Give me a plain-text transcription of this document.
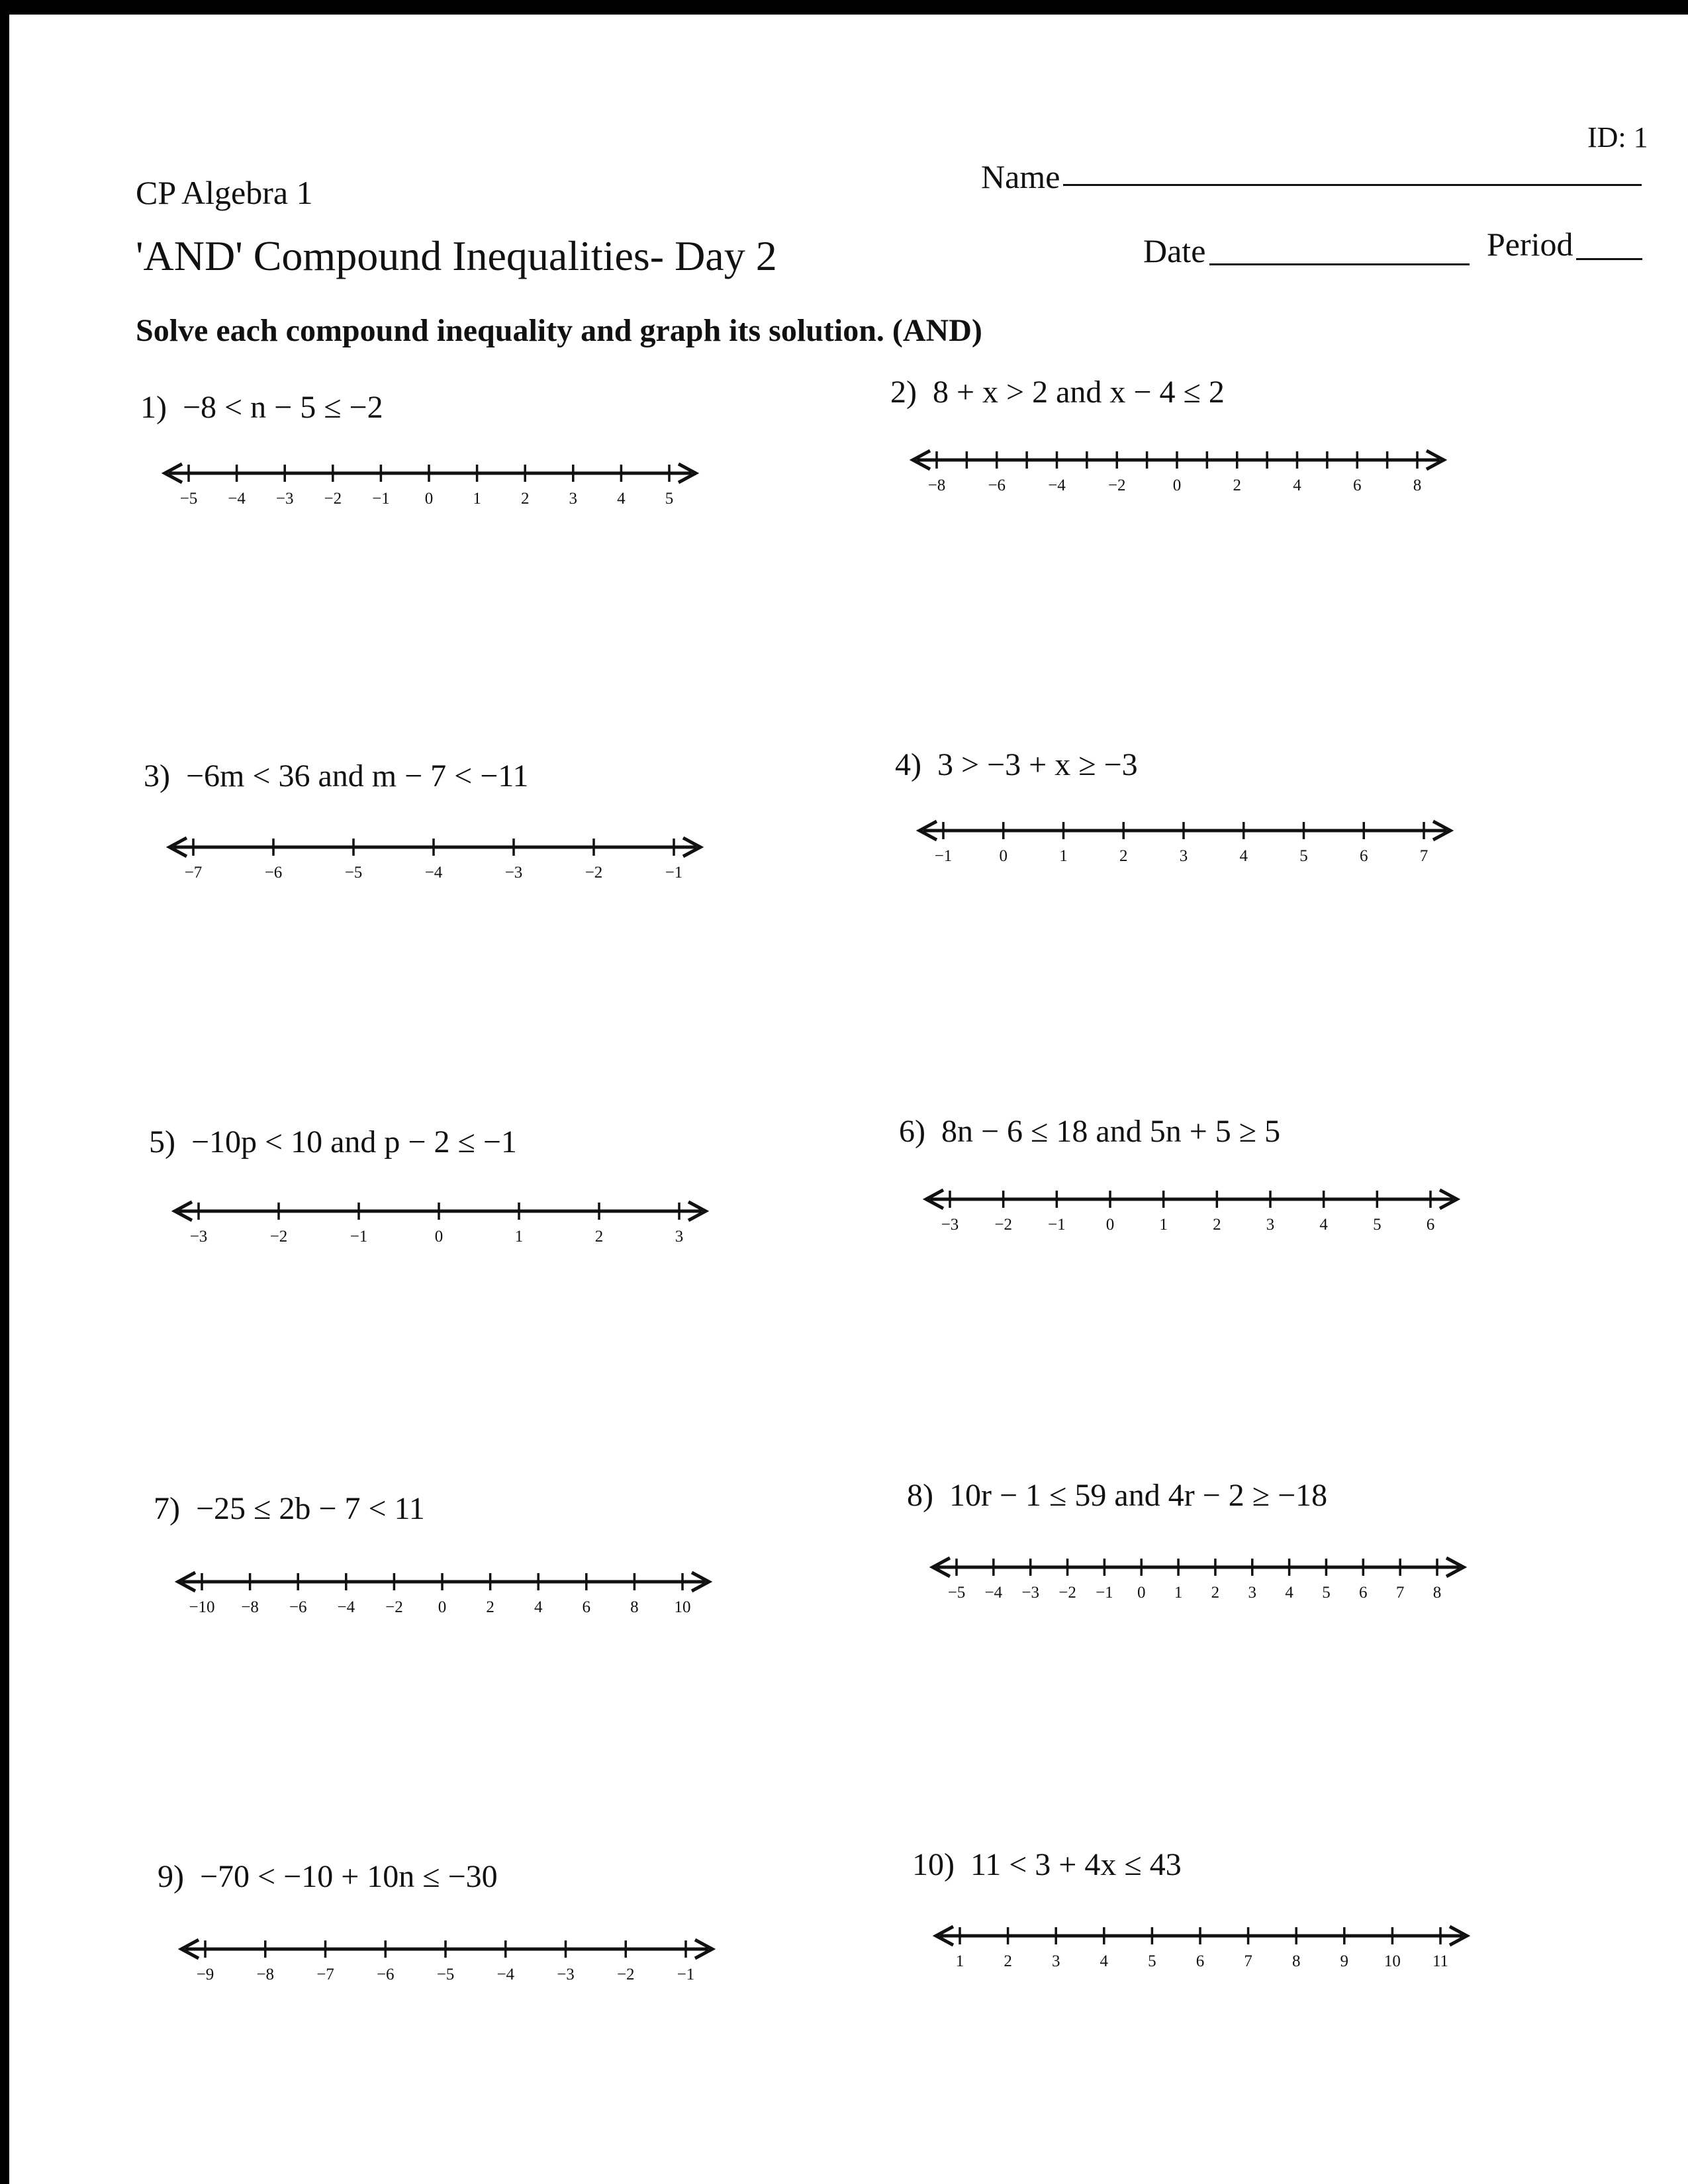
ID: 1
CP Algebra 1	Name
'AND' Compound Inequalities- Day 2	Date	Period
Solve each compound inequality and graph its solution. (AND)
1) −8 < n − 5 ≤ −2	2) 8 + x > 2 and x − 4 ≤ 2
3) −6m < 36 and m − 7 < −11	4) 3 > −3 + x ≥ −3
5) −10p < 10 and p − 2 ≤ −1	6) 8n − 6 ≤ 18 and 5n + 5 ≥ 5
7) −25 ≤ 2b − 7 < 11	8) 10r − 1 ≤ 59 and 4r − 2 ≥ −18
9) −70 < −10 + 10n ≤ −30	10) 11 < 3 + 4x ≤ 43
−5 −4 −3 −2 −1 0 1 2 3 4 5
−8	−6	−4	−2	0	2	4	6	8
−7	−6	−5	−4	−3	−2	−1
−1	0	1	2	3	4	5	6	7
−3	−2	−1	0	1	2	3
−3 −2 −1 0	1	2	3	4	5	6
−10 −8 −6 −4 −2 0 2 4 6 8 10
−5 −4 −3 −2 −1 0 1 2 3 4 5 6 7 8
−9	−8	−7	−6	−5	−4	−3	−2	−1
1 2 3 4 5 6 7 8 9 10 11
